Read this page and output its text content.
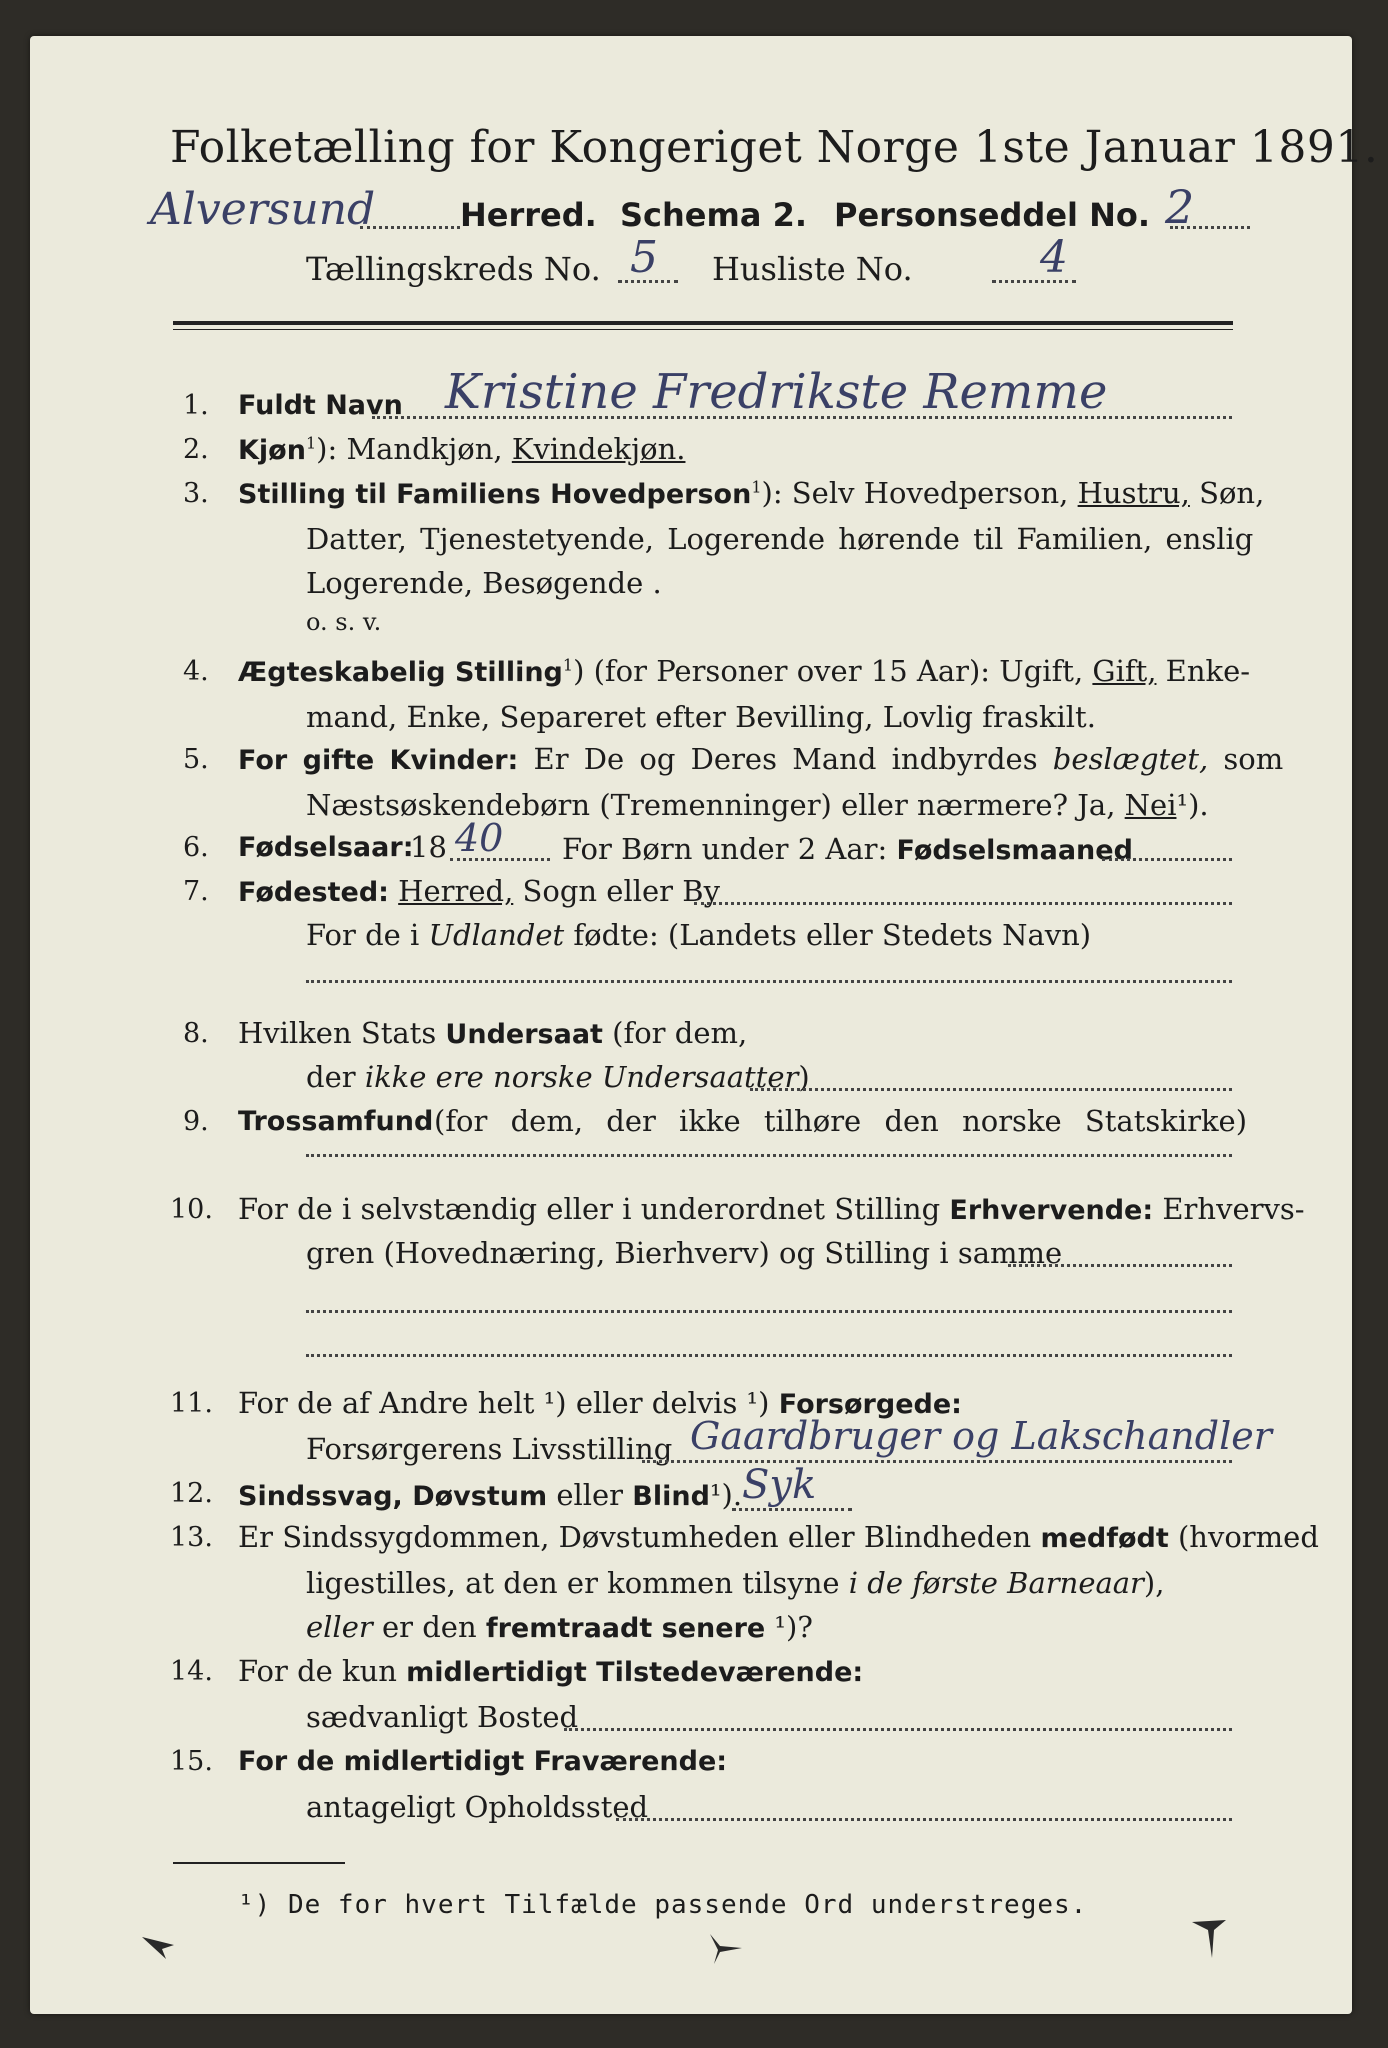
Folketælling for Kongeriget Norge 1ste Januar 1891.
Alversund	Herred. Schema 2. Personseddel No. 2
Tællingskreds No. 5 Husliste No.	4
1. Fuldt Navn Kristine Fredrikste Remme
2. Kjøn$^1$): Mandkjøn, Kvindekjøn.
3. Stilling til Familiens Hovedperson$^1$): Selv Hovedperson, Hustru, Søn,
Datter, Tjenestetyende, Logerende hørende til Familien, enslig
Logerende, Besøgende .
o. s. v.
4. Ægteskabelig Stilling$^1$) (for Personer over 15 Aar): Ugift, Gift, Enke-
mand, Enke, Separeret efter Bevilling, Lovlig fraskilt.
5. For gifte Kvinder: Er De og Deres Mand indbyrdes beslægtet, som
Næstsøskendebørn (Tremenninger) eller nærmere? Ja, Nei¹).
6. Fødselsaar:
18 40 For Børn under 2 Aar: Fødselsmaaned
7. Fødested: Herred, Sogn eller By
For de i Udlandet fødte: (Landets eller Stedets Navn)
8. Hvilken Stats Undersaat (for dem,
der ikke ere norske Undersaatter)
9. Trossamfund (for dem, der ikke tilhøre den norske Statskirke)
10. For de i selvstændig eller i underordnet Stilling Erhvervende: Erhvervs-
gren (Hovednæring, Bierhverv) og Stilling i samme
11. For de af Andre helt ¹) eller delvis ¹) Forsørgede:
Forsørgerens Livsstilling Gaardbruger og Lakschandler
12. Sindssvag, Døvstum eller Blind¹). Syk
13. Er Sindssygdommen, Døvstumheden eller Blindheden medfødt (hvormed
ligestilles, at den er kommen tilsyne i de første Barneaar),
eller er den fremtraadt senere ¹)?
14. For de kun midlertidigt Tilstedeværende:
sædvanligt Bosted
15. For de midlertidigt Fraværende:
antageligt Opholdssted
¹) De for hvert Tilfælde passende Ord understreges.
